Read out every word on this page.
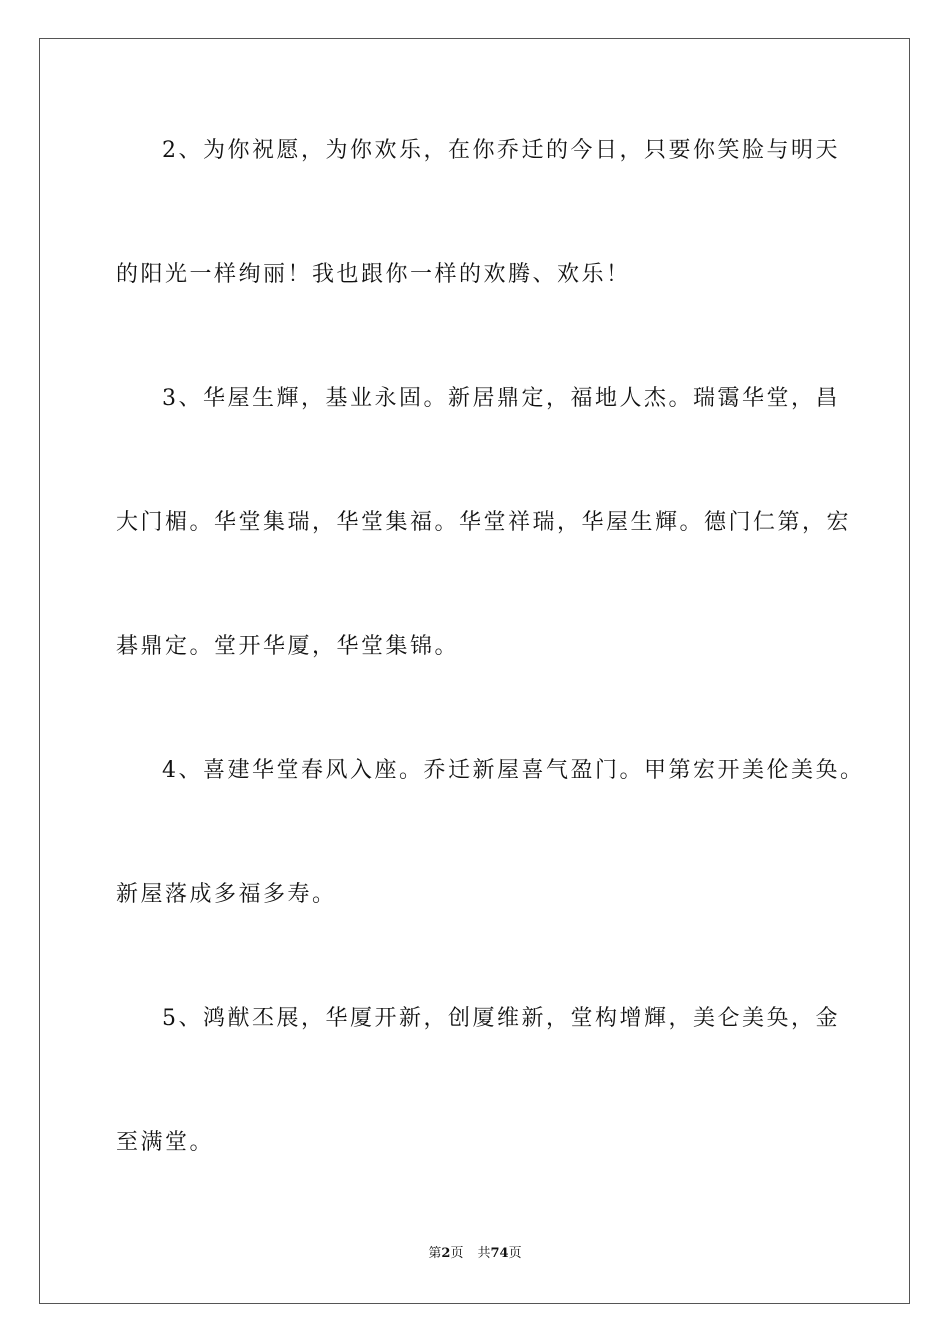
2、为你祝愿，为你欢乐，在你乔迁的今日，只要你笑脸与明天
的阳光一样绚丽！我也跟你一样的欢腾、欢乐！
3、华屋生輝，基业永固。新居鼎定，福地人杰。瑞霭华堂，昌
大门楣。华堂集瑞，华堂集福。华堂祥瑞，华屋生輝。德门仁第，宏
碁鼎定。堂开华厦，华堂集锦。
4、喜建华堂春风入座。乔迁新屋喜气盈门。甲第宏开美伦美奂。
新屋落成多福多寿。
5、鸿猷丕展，华厦开新，创厦维新，堂构增輝，美仑美奂，金
至满堂。
第2页 共74页
